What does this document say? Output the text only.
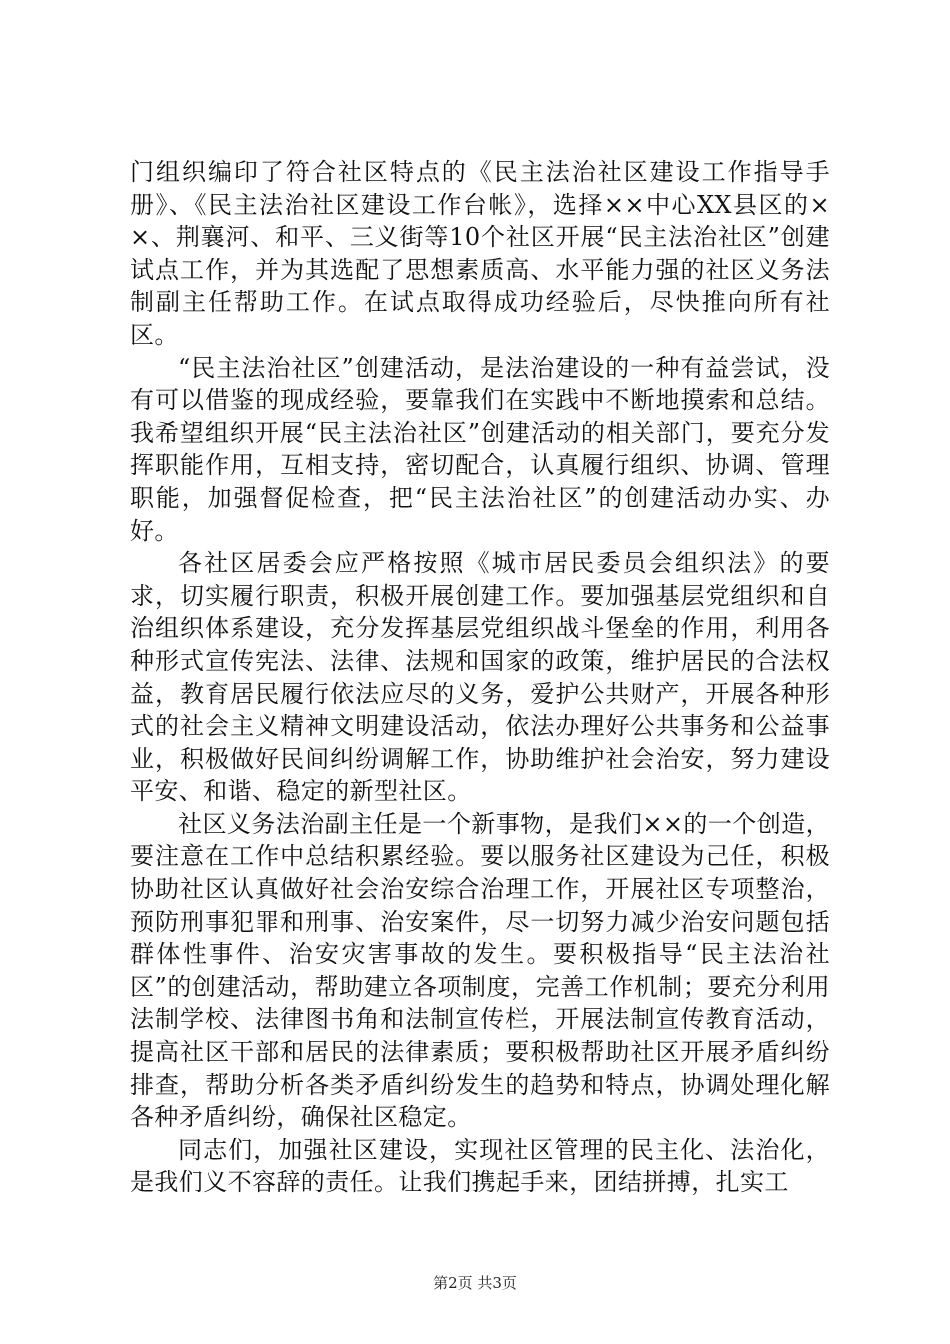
门组织编印了符合社区特点的《民主法治社区建设工作指导手册》、《民主法治社区建设工作台帐》，选择××中心XX县区的××、荆襄河、和平、三义街等10个社区开展“民主法治社区”创建试点工作，并为其选配了思想素质高、水平能力强的社区义务法制副主任帮助工作。在试点取得成功经验后，尽快推向所有社区。

“民主法治社区”创建活动，是法治建设的一种有益尝试，没有可以借鉴的现成经验，要靠我们在实践中不断地摸索和总结。我希望组织开展“民主法治社区”创建活动的相关部门，要充分发挥职能作用，互相支持，密切配合，认真履行组织、协调、管理职能，加强督促检查，把“民主法治社区”的创建活动办实、办好。

各社区居委会应严格按照《城市居民委员会组织法》的要求，切实履行职责，积极开展创建工作。要加强基层党组织和自治组织体系建设，充分发挥基层党组织战斗堡垒的作用，利用各种形式宣传宪法、法律、法规和国家的政策，维护居民的合法权益，教育居民履行依法应尽的义务，爱护公共财产，开展各种形式的社会主义精神文明建设活动，依法办理好公共事务和公益事业，积极做好民间纠纷调解工作，协助维护社会治安，努力建设平安、和谐、稳定的新型社区。

社区义务法治副主任是一个新事物，是我们××的一个创造，要注意在工作中总结积累经验。要以服务社区建设为己任，积极协助社区认真做好社会治安综合治理工作，开展社区专项整治，预防刑事犯罪和刑事、治安案件，尽一切努力减少治安问题包括群体性事件、治安灾害事故的发生。要积极指导“民主法治社区”的创建活动，帮助建立各项制度，完善工作机制；要充分利用法制学校、法律图书角和法制宣传栏，开展法制宣传教育活动，提高社区干部和居民的法律素质；要积极帮助社区开展矛盾纠纷排查，帮助分析各类矛盾纠纷发生的趋势和特点，协调处理化解各种矛盾纠纷，确保社区稳定。

同志们，加强社区建设，实现社区管理的民主化、法治化，是我们义不容辞的责任。让我们携起手来，团结拼搏，扎实工

第2页 共3页
